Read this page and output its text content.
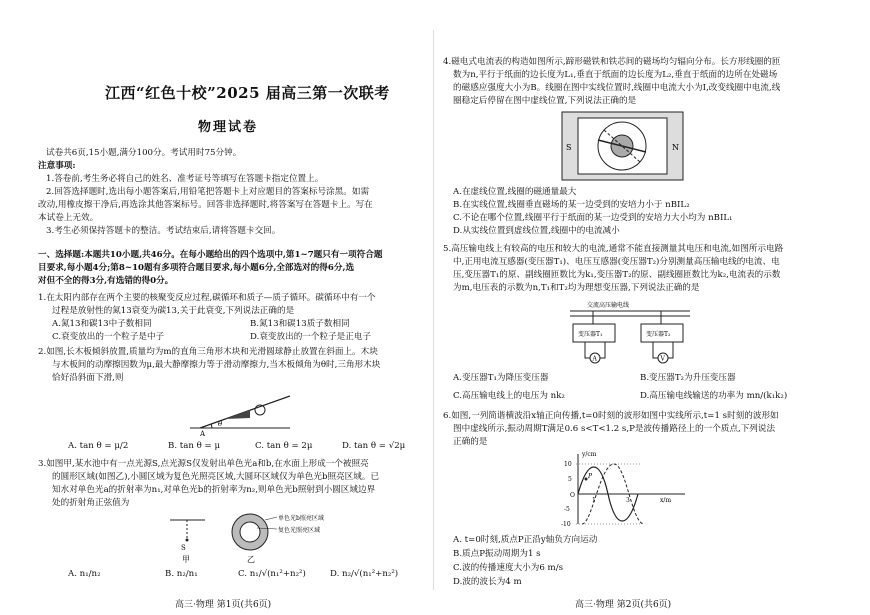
江西“红色十校”2025 届高三第一次联考

物理试卷

试卷共6页,15小题,满分100分。考试用时75分钟。

注意事项:

1.答卷前,考生务必将自己的姓名、准考证号等填写在答题卡指定位置上。

2.回答选择题时,选出每小题答案后,用铅笔把答题卡上对应题目的答案标号涂黑。如需

改动,用橡皮擦干净后,再选涂其他答案标号。回答非选择题时,将答案写在答题卡上。写在

本试卷上无效。

3.考生必须保持答题卡的整洁。考试结束后,请将答题卡交回。

一、选择题:本题共10小题,共46分。在每小题给出的四个选项中,第1~7题只有一项符合题

目要求,每小题4分;第8~10题有多项符合题目要求,每小题6分,全部选对的得6分,选

对但不全的得3分,有选错的得0分。

1.在太阳内部存在两个主要的核聚变反应过程,碳循环和质子—质子循环。碳循环中有一个

过程是放射性的氮13衰变为碳13,关于此衰变,下列说法正确的是

A.氮13和碳13中子数相同	B.氮13和碳13质子数相同

C.衰变放出的一个粒子是中子	D.衰变放出的一个粒子是正电子

2.如图,长木板倾斜放置,质量均为m的直角三角形木块和光滑圆球静止放置在斜面上。木块

与木板间的动摩擦因数为μ,最大静摩擦力等于滑动摩擦力,当木板倾角为θ时,三角形木块

恰好沿斜面下滑,则

A
θ

A. tan θ = μ/2	B. tan θ = μ	C. tan θ = 2μ	D. tan θ = √2μ

3.如图甲,某水池中有一点光源S,点光源S仅发射出单色光a和b,在水面上形成一个被照亮

的圆形区域(如图乙),小圆区域为复色光照亮区域,大圆环区域仅为单色光b照亮区域。已

知水对单色光a的折射率为n₁,对单色光b的折射率为n₂,则单色光b照射到小圆区域边界

处的折射角正弦值为

S
甲
单色光b照亮区域
复色光照亮区域
乙

A. n₁/n₂	B. n₂/n₁	C. n₁/√(n₁²+n₂²)	D. n₂/√(n₁²+n₂²)

高三·物理 第1页(共6页)

4.磁电式电流表的构造如图所示,蹄形磁铁和铁芯间的磁场均匀辐向分布。长方形线圈的匝

数为n,平行于纸面的边长度为L₁,垂直于纸面的边长度为L₂,垂直于纸面的边所在处磁场

的磁感应强度大小为B。线圈在图中实线位置时,线圈中电流大小为I,改变线圈中电流,线

圈稳定后停留在图中虚线位置,下列说法正确的是

S	N

A.在虚线位置,线圈的磁通量最大

B.在实线位置,线圈垂直磁场的某一边受到的安培力小于 nBIL₂

C.不论在哪个位置,线圈平行于纸面的某一边受到的安培力大小均为 nBIL₁

D.从实线位置到虚线位置,线圈中的电流减小

5.高压输电线上有较高的电压和较大的电流,通常不能直接测量其电压和电流,如图所示电路

中,正用电流互感器(变压器T₁)、电压互感器(变压器T₂)分别测量高压输电线的电流、电

压,变压器T₁的原、副线圈匝数比为k₁,变压器T₂的原、副线圈匝数比为k₂,电流表的示数

为m,电压表的示数为n,T₁和T₂均为理想变压器,下列说法正确的是

交流高压输电线
变压器T₁	变压器T₂
A	V

A.变压器T₁为降压变压器	B.变压器T₂为升压变压器

C.高压输电线上的电压为 nk₂	D.高压输电线输送的功率为 mn/(k₁k₂)

6.如图,一列简谐横波沿x轴正向传播,t=0时刻的波形如图中实线所示,t=1 s时刻的波形如

图中虚线所示,振动周期T满足0.6 s<T<1.2 s,P是波传播路径上的一个质点,下列说法

正确的是

y/cm
x/m
10
5
O
-5
-10
1	3
P

A. t=0时刻,质点P正沿y轴负方向运动

B.质点P振动周期为1 s

C.波的传播速度大小为6 m/s

D.波的波长为4 m

高三·物理 第2页(共6页)
